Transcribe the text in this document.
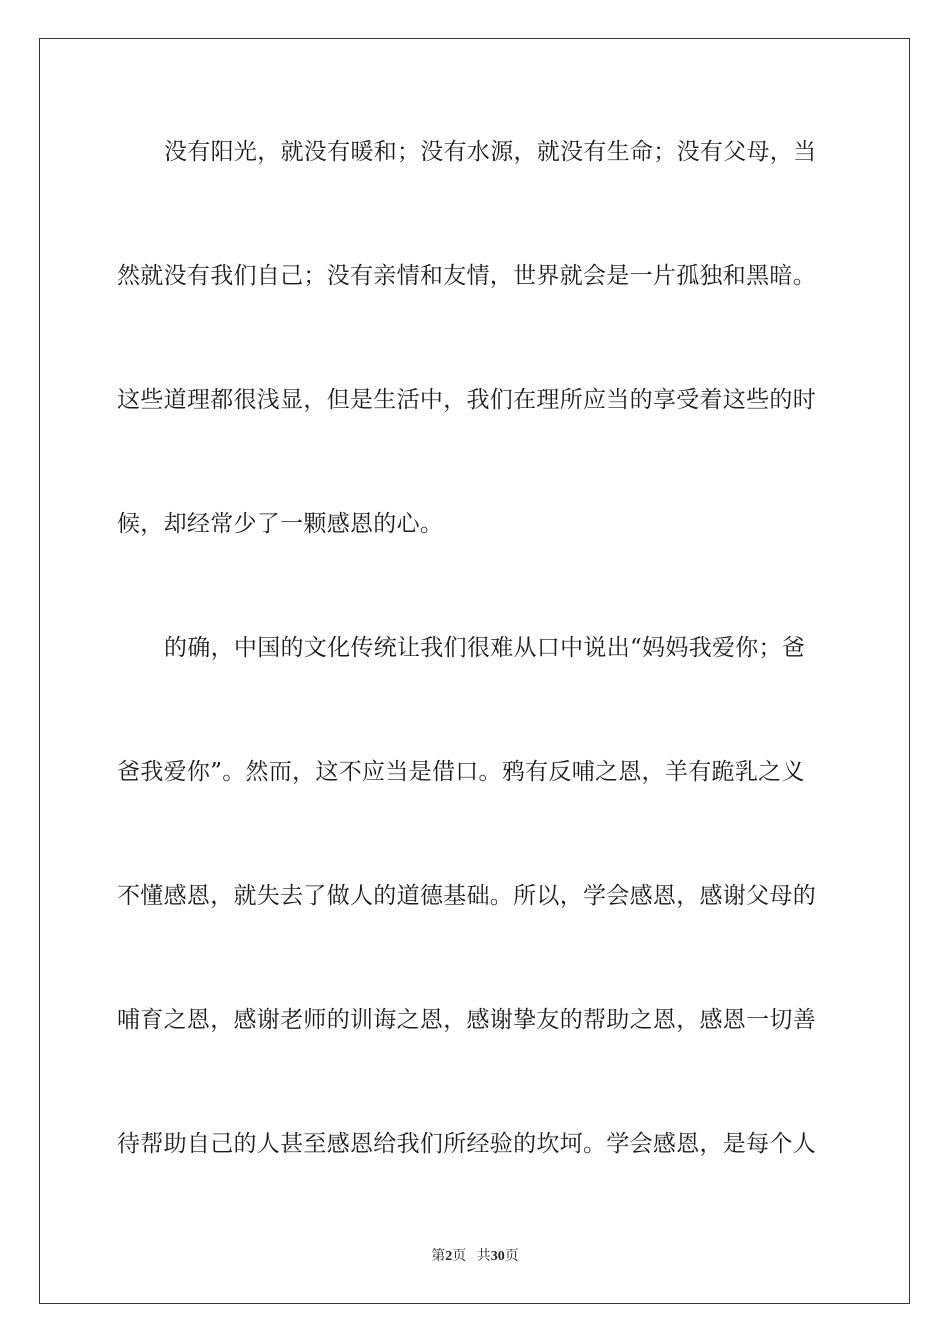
没有阳光，就没有暖和；没有水源，就没有生命；没有父母，当
然就没有我们自己；没有亲情和友情，世界就会是一片孤独和黑暗。
这些道理都很浅显，但是生活中，我们在理所应当的享受着这些的时
候，却经常少了一颗感恩的心。
的确，中国的文化传统让我们很难从口中说出“妈妈我爱你；爸
爸我爱你”。然而，这不应当是借口。鸦有反哺之恩，羊有跪乳之义
不懂感恩，就失去了做人的道德基础。所以，学会感恩，感谢父母的
哺育之恩，感谢老师的训诲之恩，感谢挚友的帮助之恩，感恩一切善
待帮助自己的人甚至感恩给我们所经验的坎坷。学会感恩，是每个人
第2页 共30页
